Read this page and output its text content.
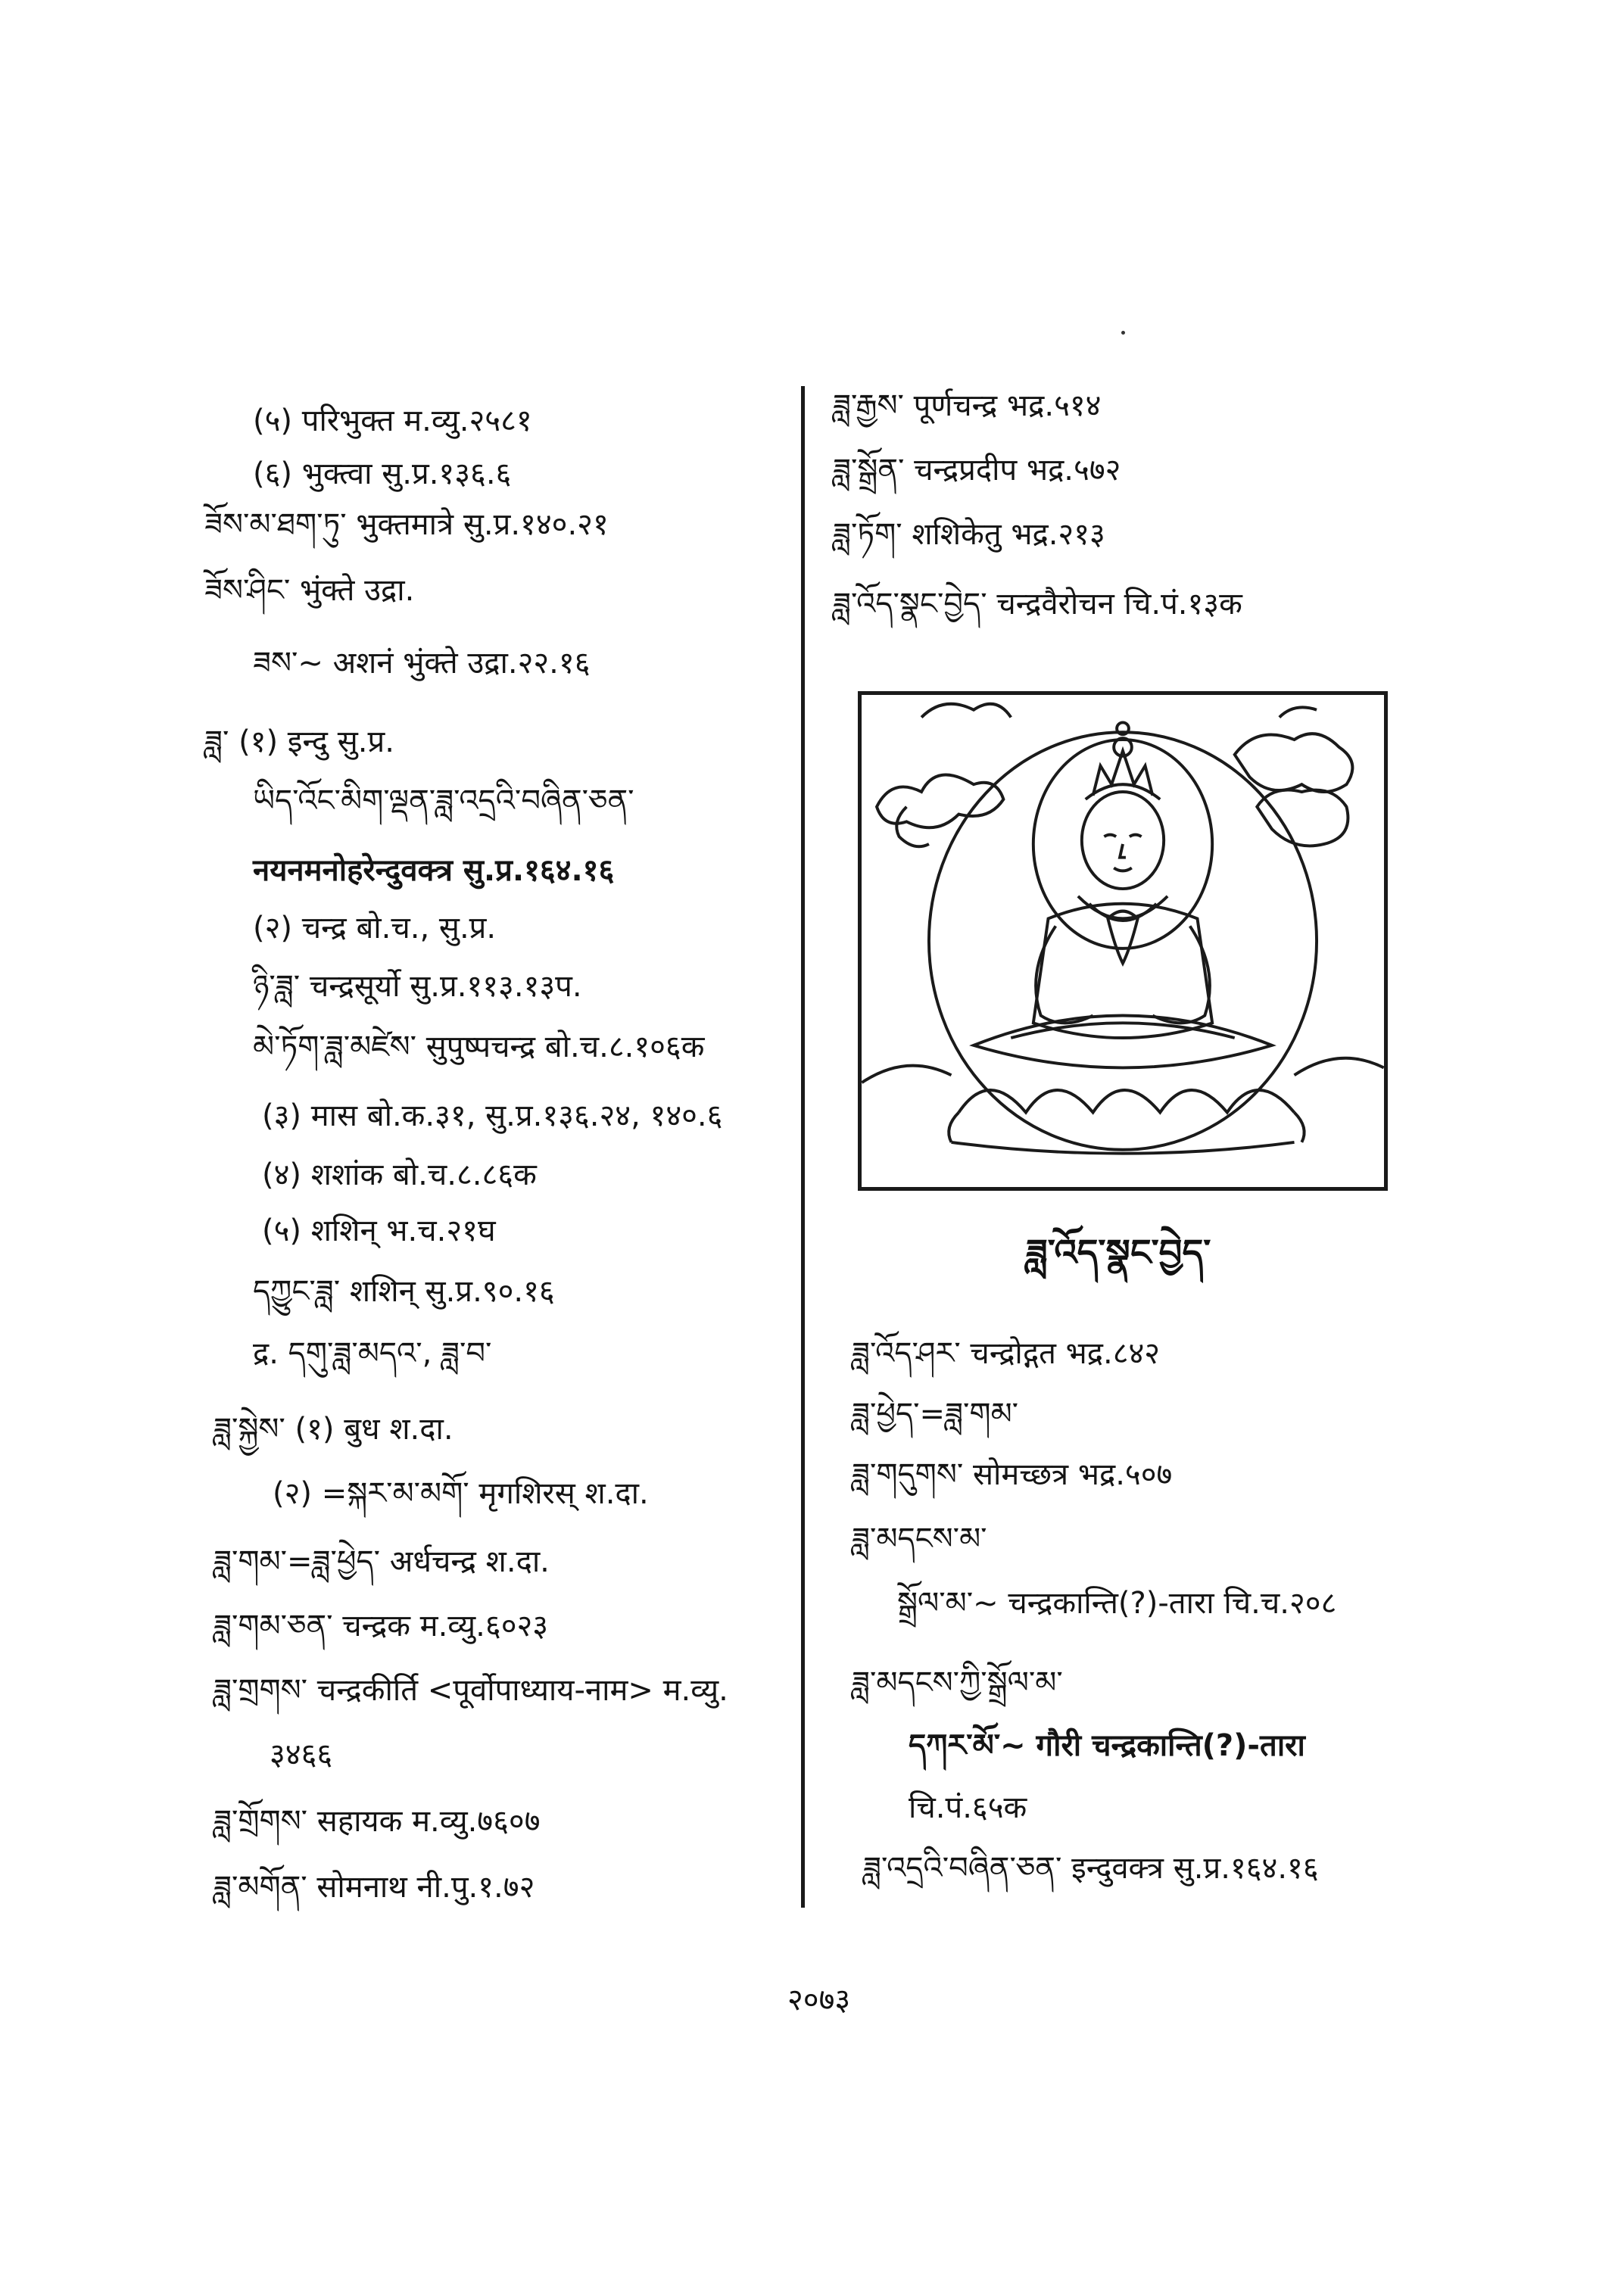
(५) परिभुक्त म.व्यु.२५८१
(६) भुक्त्वा सु.प्र.१३६.६
ཟོས་མ་ཐག་ཏུ་ भुक्तमात्रे सु.प्र.१४०.२१
ཟོས་ཤིང་ भुंक्ते उद्रा.
ཟས་~ अशनं भुंक्ते उद्रा.२२.१६
ཟླ་ (१) इन्दु सु.प्र.
ཡིད་འོང་མིག་ལྡན་ཟླ་འདྲའི་བཞིན་ཅན་
नयनमनोहरेन्दुवक्त्र सु.प्र.१६४.१६
(२) चन्द्र बो.च., सु.प्र.
ཉི་ཟླ་ चन्द्रसूर्यो सु.प्र.११३.१३प.
མེ་ཏོག་ཟླ་མཛེས་ सुपुष्पचन्द्र बो.च.८.१०६क
(३) मास बो.क.३१, सु.प्र.१३६.२४, १४०.६
(४) शशांक बो.च.८.८६क
(५) शशिन् भ.च.२१घ
དཀྱུང་ཟླ་ शशिन् सु.प्र.९०.१६
द्र. དགུ་ཟླ་མདའ་, ཟླ་བ་
ཟླ་སྐྱེས་ (१) बुध श.दा.
(२) =སྐར་མ་མགོ་ मृगशिरस् श.दा.
ཟླ་གམ་=ཟླ་ཕྱེད་ अर्धचन्द्र श.दा.
ཟླ་གམ་ཅན་ चन्द्रक म.व्यु.६०२३
ཟླ་གྲགས་ चन्द्रकीर्ति <पूर्वोपाध्याय-नाम> म.व्यु.
३४६६
ཟླ་གྲོགས་ सहायक म.व्यु.७६०७
ཟླ་མགོན་ सोमनाथ नी.पु.१.७२
ཟླ་རྒྱས་ पूर्णचन्द्र भद्र.५१४
ཟླ་སྒྲོན་ चन्द्रप्रदीप भद्र.५७२
ཟླ་ཏོག་ शशिकेतु भद्र.२१३
ཟླ་འོད་སྣང་བྱེད་ चन्द्रवैरोचन चि.पं.१३क
ཟླ་འོད་སྣང་བྱེད་
ཟླ་འོད་ཤར་ चन्द्रोद्गत भद्र.८४२
ཟླ་ཕྱེད་=ཟླ་གམ་
ཟླ་གདུགས་ सोमच्छत्र भद्र.५०७
ཟླ་མདངས་མ་
སྒྲོལ་མ་~ चन्द्रकान्ति(?)-तारा चि.च.२०८
ཟླ་མདངས་ཀྱི་སྒྲོལ་མ་
དཀར་མོ་~ गौरी चन्द्रकान्ति(?)-तारा
चि.पं.६५क
ཟླ་འདྲའི་བཞིན་ཅན་ इन्दुवक्त्र सु.प्र.१६४.१६
२०७३
